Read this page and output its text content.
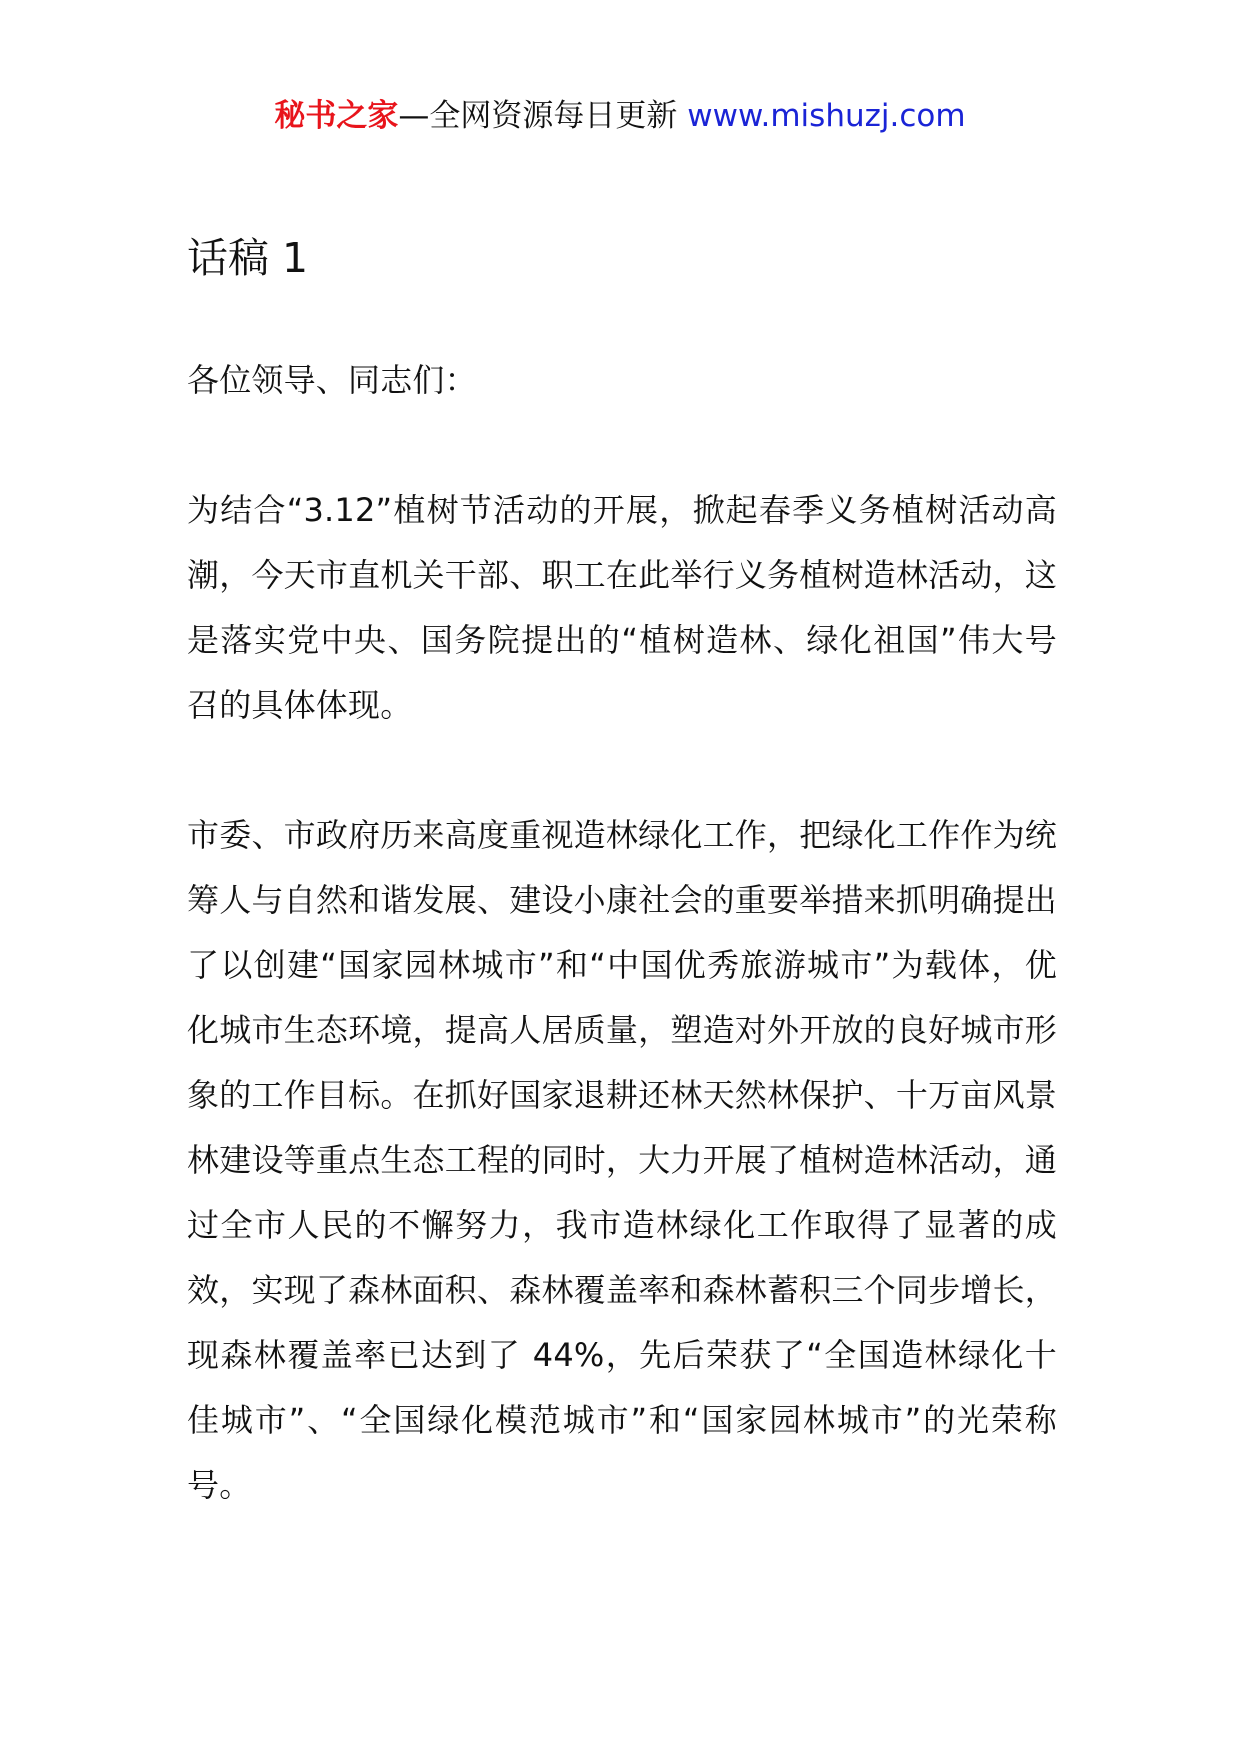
秘书之家—全网资源每日更新 www.mishuzj.com
话稿 1

各位领导、同志们：

为结合“3.12”植树节活动的开展，掀起春季义务植树活动高潮，今天市直机关干部、职工在此举行义务植树造林活动，这是落实党中央、国务院提出的“植树造林、绿化祖国”伟大号召的具体体现。

市委、市政府历来高度重视造林绿化工作，把绿化工作作为统筹人与自然和谐发展、建设小康社会的重要举措来抓明确提出了以创建“国家园林城市”和“中国优秀旅游城市”为载体，优化城市生态环境，提高人居质量，塑造对外开放的良好城市形象的工作目标。在抓好国家退耕还林天然林保护、十万亩风景林建设等重点生态工程的同时，大力开展了植树造林活动，通过全市人民的不懈努力，我市造林绿化工作取得了显著的成效，实现了森林面积、森林覆盖率和森林蓄积三个同步增长，现森林覆盖率已达到了 44%，先后荣获了“全国造林绿化十佳城市”、“全国绿化模范城市”和“国家园林城市”的光荣称号。
